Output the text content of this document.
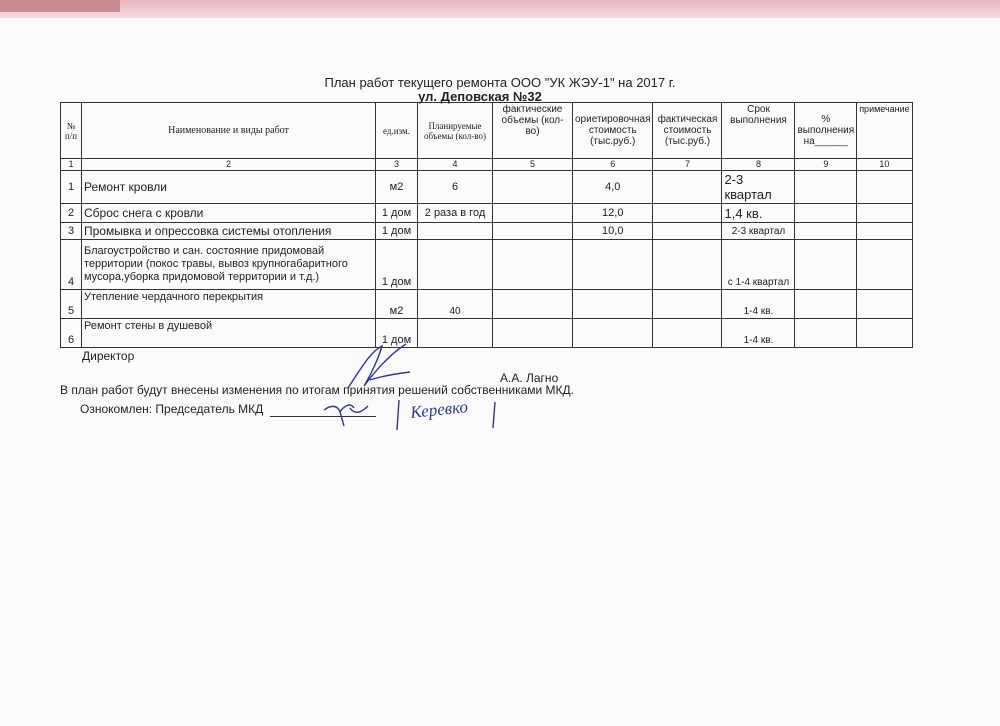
План работ текущего ремонта ООО "УК ЖЭУ-1" на 2017 г.
ул. Деповская №32
№ п/п	Наименование и виды работ	ед.изм.	Планируемые объемы (кол-во)	фактические объемы (кол-во)	ориетировочная стоимость (тыс.руб.)	фактическая стоимость (тыс.руб.)	Срок выполнения	% выполнения на______	примечание
1	2	3	4	5	6	7	8	9	10
1	Ремонт кровли	м2	6		4,0		2-3 квартал		
2	Сброс снега с кровли	1 дом	2 раза в год		12,0		1,4 кв.		
3	Промывка и опрессовка системы отопления	1 дом			10,0		2-3 квартал		
4	Благоустройство и сан. состояние придомовай территории (покос травы, вывоз крупногабаритного мусора,уборка придомовой территории и т.д.)	1 дом					с 1-4 квартал		
5	Утепление чердачного перекрытия	м2	40				1-4 кв.		
6	Ремонт стены в душевой	1 дом					1-4 кв.		
Директор
А.А. Лагно
В план работ будут внесены изменения по итогам принятия решений собственниками МКД.
Ознокомлен: Председатель МКД	Керевко
